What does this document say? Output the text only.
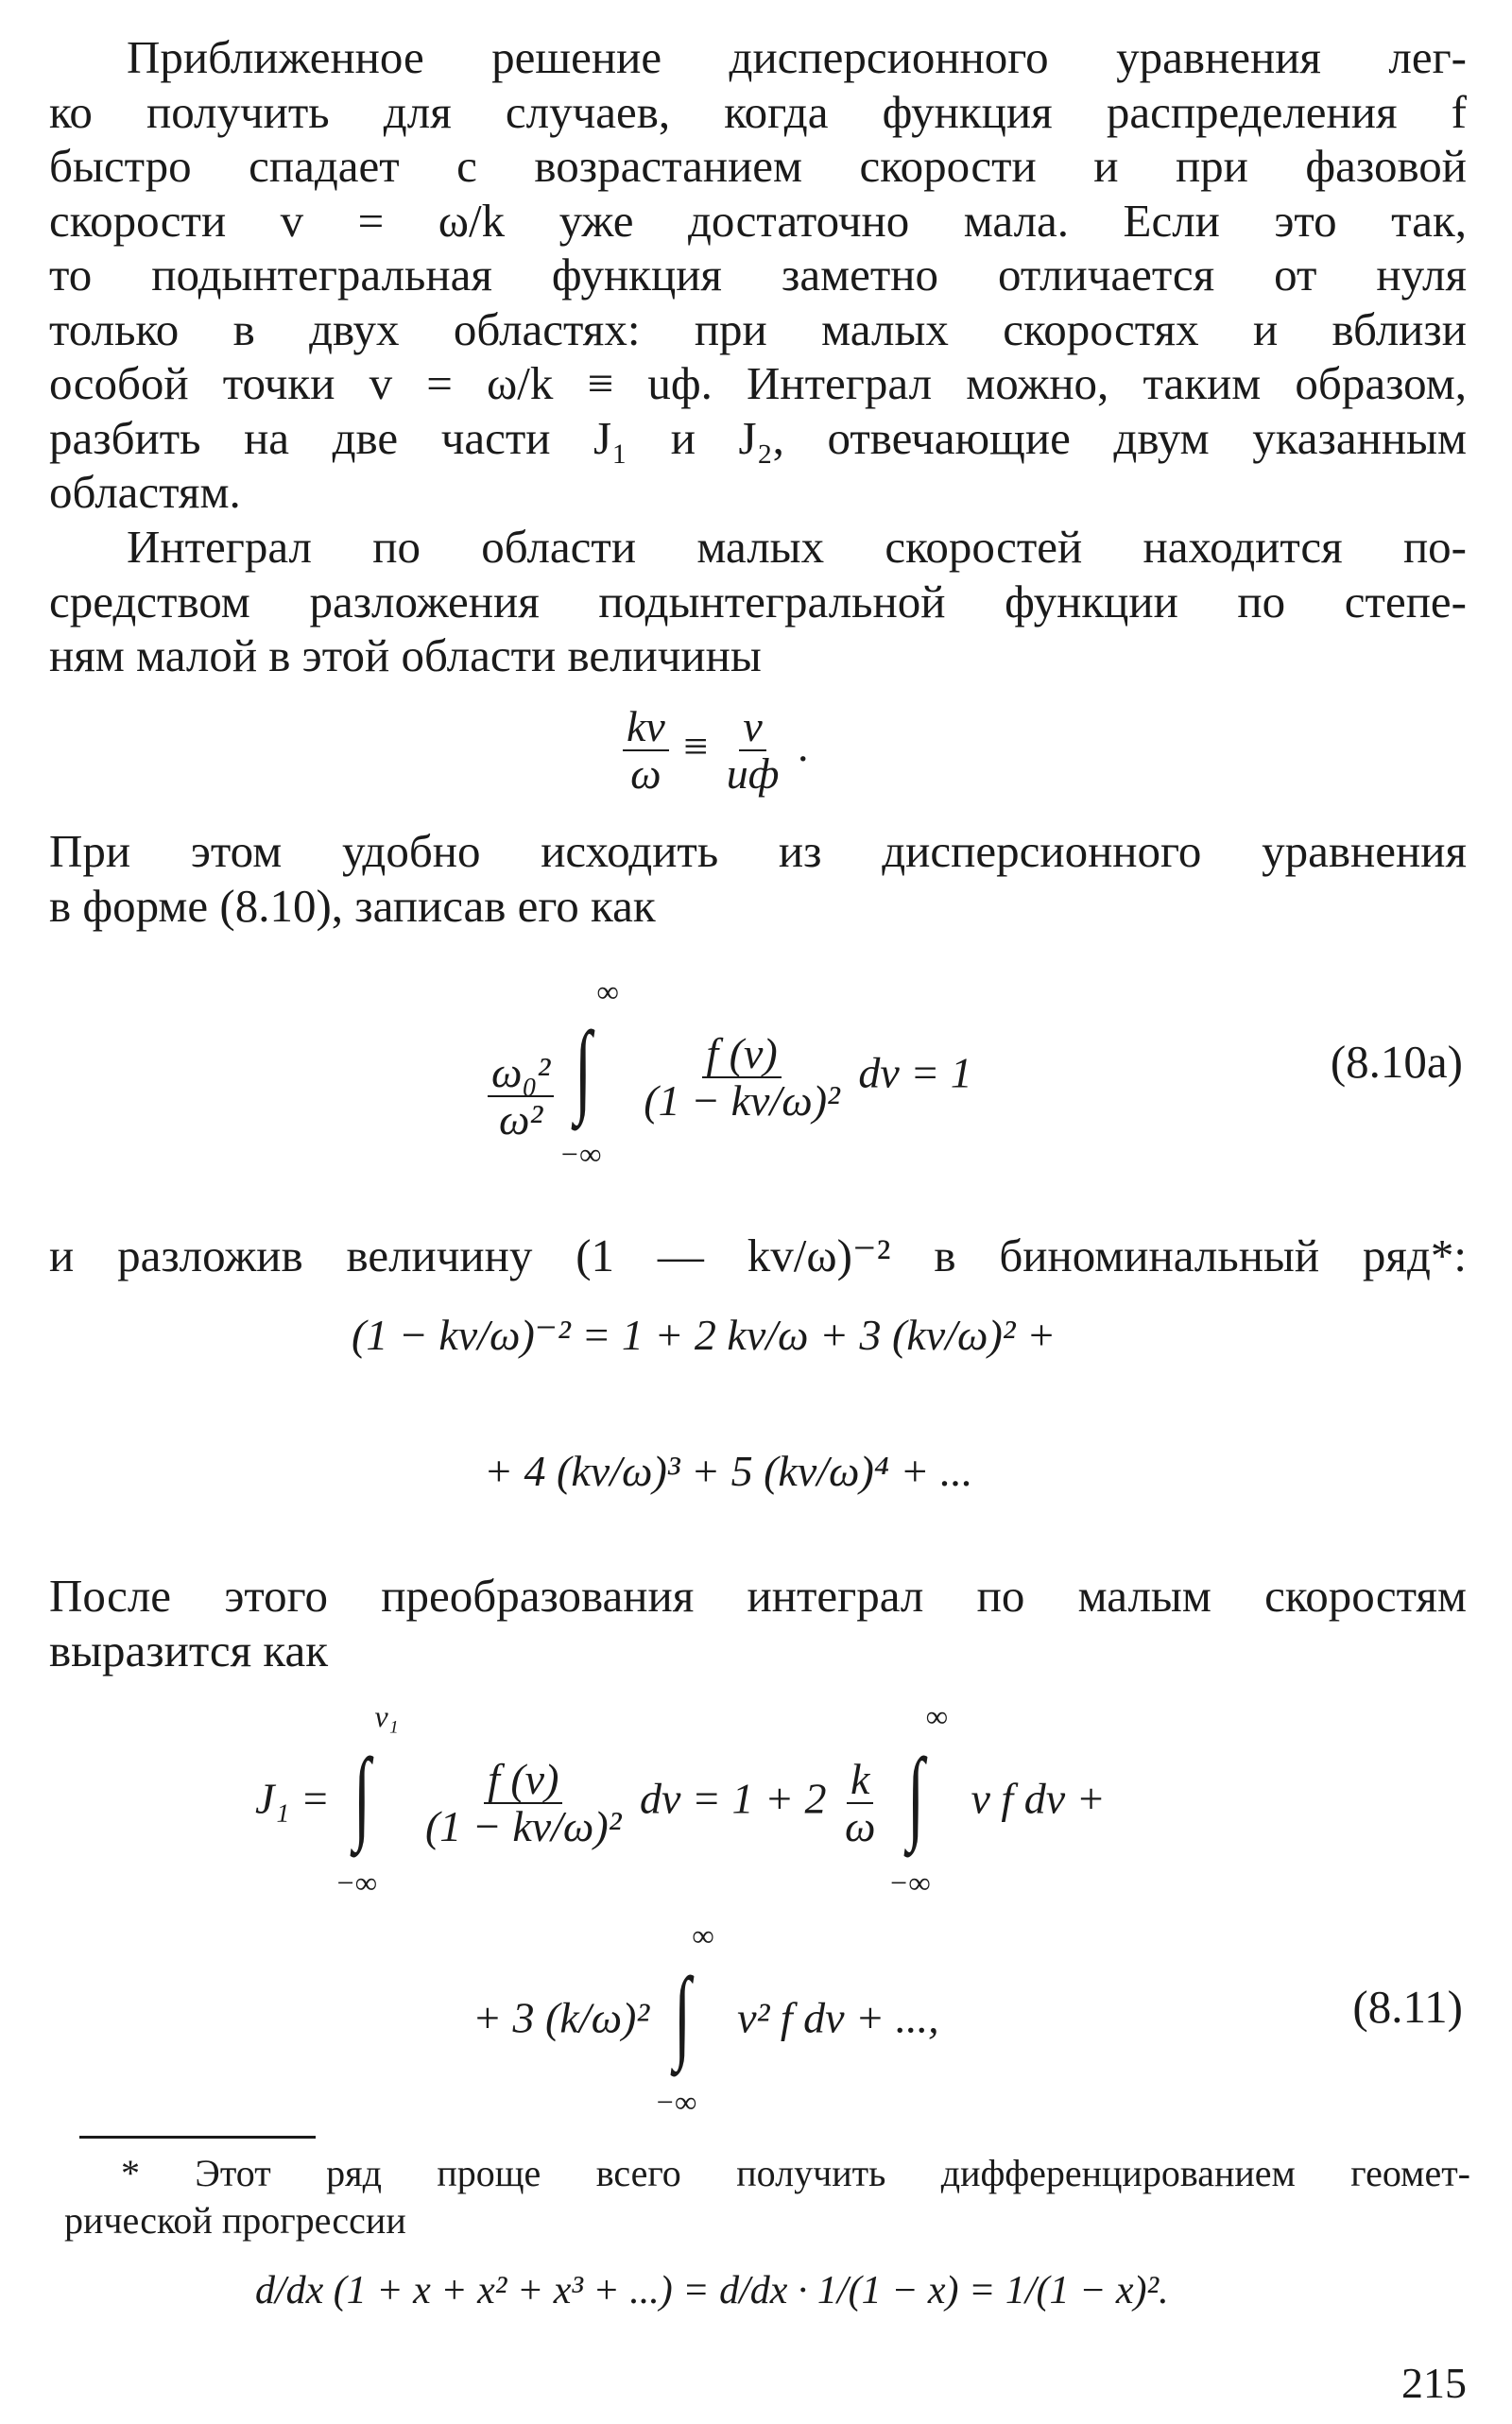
Приближенное решение дисперсионного уравнения лег-
ко получить для случаев, когда функция распределения f
быстро спадает с возрастанием скорости и при фазовой
скорости v = ω/k уже достаточно мала. Если это так,
то подынтегральная функция заметно отличается от нуля
только в двух областях: при малых скоростях и вблизи
особой точки v = ω/k ≡ uф. Интеграл можно, таким образом,
разбить на две части J₁ и J₂, отвечающие двум указанным
областям.

Интеграл по области малых скоростей находится по-
средством разложения подынтегральной функции по степе-
ням малой в этой области величины

$\frac{kv}{\omega} \equiv \frac{v}{uф}$ .

При этом удобно исходить из дисперсионного уравнения
в форме (8.10), записав его как

$\frac{\text{ω₀²}}{\text{ω²}}$
∫
∞
−∞

$\frac{f (v)}{\text{(1 − kv/ω)²}}$ dv = 1	(8.10a)

и разложив величину (1 — kv/ω)⁻² в биноминальный ряд*:

(1 − kv/ω)⁻² = 1 + 2 kv/ω + 3 (kv/ω)² +
+ 4 (kv/ω)³ + 5 (kv/ω)⁴ + ...

После этого преобразования интеграл по малым скоростям
выразится как

J₁ = ∫
v₁
−∞

$\frac{f (v)}{\text{(1 − kv/ω)²}}$ dv = $1 + 2 \frac{k}{\omega}$
∫
∞
−∞
v f dv +
+ 3 (k/ω)² ∫
∞
−∞
v² f dv + ...,	(8.11)

* Этот ряд проще всего получить дифференцированием геомет-
рической прогрессии

d/dx (1 + x + x² + x³ + ...) = d/dx · 1/(1 − x) = 1/(1 − x)².
215
